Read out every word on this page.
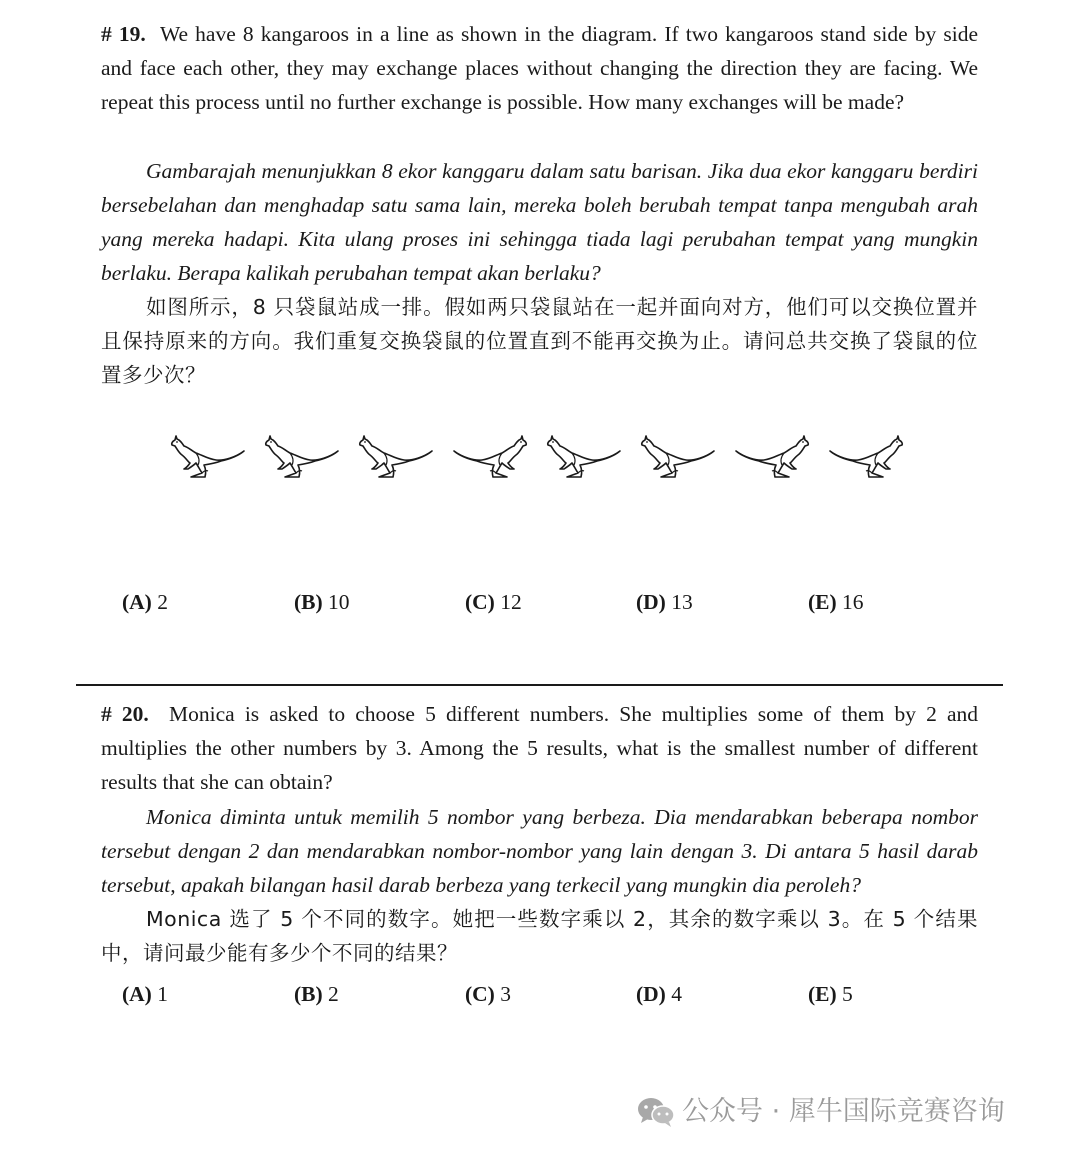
# 19. We have 8 kangaroos in a line as shown in the diagram. If two kangaroos stand side by side and face each other, they may exchange places without changing the direction they are facing. We repeat this process until no further exchange is possible. How many exchanges will be made?

Gambarajah menunjukkan 8 ekor kanggaru dalam satu barisan. Jika dua ekor kanggaru berdiri bersebelahan dan menghadap satu sama lain, mereka boleh berubah tempat tanpa mengubah arah yang mereka hadapi. Kita ulang proses ini sehingga tiada lagi perubahan tempat yang mungkin berlaku. Berapa kalikah perubahan tempat akan berlaku?

如图所示，8 只袋鼠站成一排。假如两只袋鼠站在一起并面向对方，他们可以交换位置并且保持原来的方向。我们重复交换袋鼠的位置直到不能再交换为止。请问总共交换了袋鼠的位置多少次？

(A) 2	(B) 10	(C) 12	(D) 13	(E) 16

# 20. Monica is asked to choose 5 different numbers. She multiplies some of them by 2 and multiplies the other numbers by 3. Among the 5 results, what is the smallest number of different results that she can obtain?

Monica diminta untuk memilih 5 nombor yang berbeza. Dia mendarabkan beberapa nombor tersebut dengan 2 dan mendarabkan nombor-nombor yang lain dengan 3. Di antara 5 hasil darab tersebut, apakah bilangan hasil darab berbeza yang terkecil yang mungkin dia peroleh?

Monica 选了 5 个不同的数字。她把一些数字乘以 2，其余的数字乘以 3。在 5 个结果中，请问最少能有多少个不同的结果？

(A) 1	(B) 2	(C) 3	(D) 4	(E) 5
公众号 · 犀牛国际竞赛咨询
